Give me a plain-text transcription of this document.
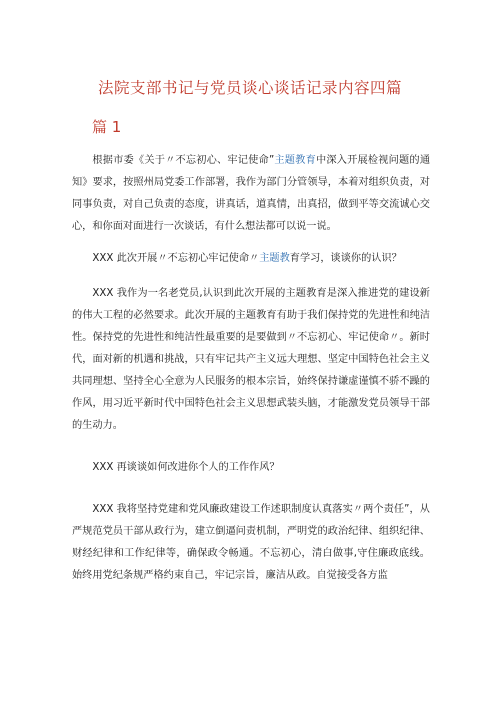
法院支部书记与党员谈心谈话记录内容四篇
篇 1

根据市委《关于〃不忘初心、牢记使命”主题教育中深入开展检视问题的通知》要求，按照州局党委工作部署，我作为部门分管领导，本着对组织负责，对同事负责，对自己负责的态度，讲真话，道真情，出真招，做到平等交流诚心交心，和你面对面进行一次谈话，有什么想法都可以说一说。

XXX 此次开展〃不忘初心牢记使命〃主题教育学习，谈谈你的认识？

XXX 我作为一名老党员,认识到此次开展的主题教育是深入推进党的建设新的伟大工程的必然要求。此次开展的主题教育有助于我们保持党的先进性和纯洁性。保持党的先进性和纯洁性最重要的是要做到〃不忘初心、牢记使命〃。新时代，面对新的机遇和挑战，只有牢记共产主义远大理想、坚定中国特色社会主义共同理想、坚持全心全意为人民服务的根本宗旨，始终保持谦虚谨慎不骄不躁的作风，用习近平新时代中国特色社会主义思想武装头脑，才能激发党员领导干部的生动力。

XXX 再谈谈如何改进你个人的工作作风？

XXX 我将坚持党建和党风廉政建设工作述职制度认真落实〃两个责任”，从严规范党员干部从政行为，建立倒逼问责机制，严明党的政治纪律、组织纪律、财经纪律和工作纪律等，确保政令畅通。不忘初心，清白做事,守住廉政底线。始终用党纪条规严格约束自己，牢记宗旨，廉洁从政。自觉接受各方监
